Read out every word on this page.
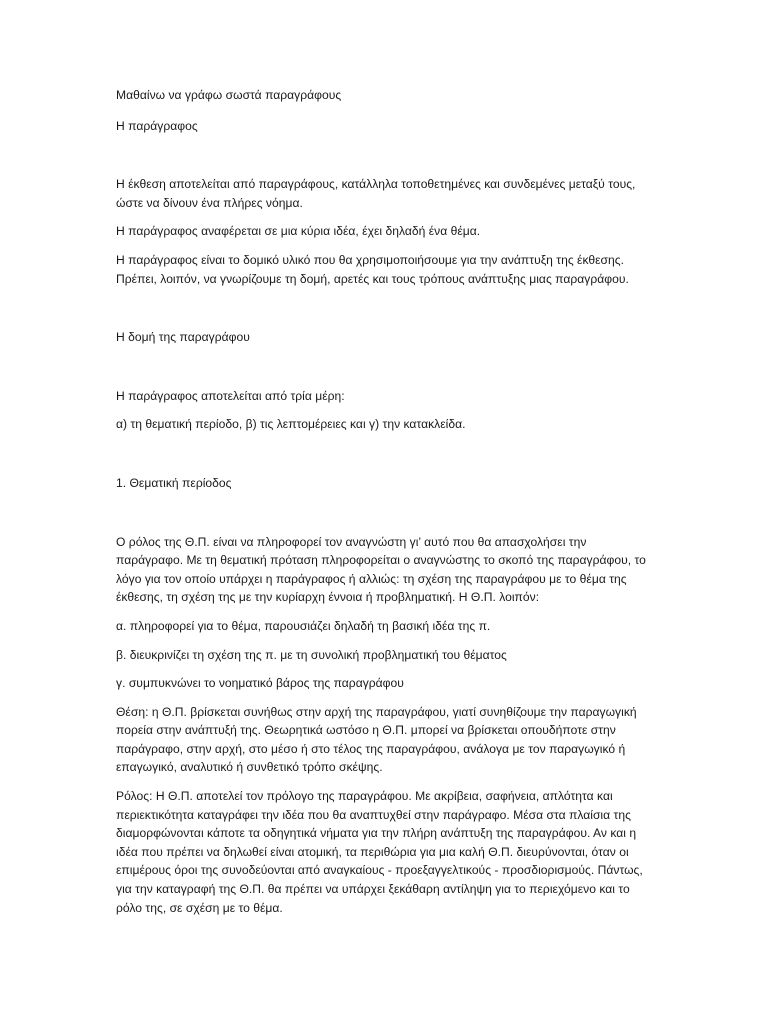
Μαθαίνω να γράφω σωστά παραγράφους

Η παράγραφος

Η έκθεση αποτελείται από παραγράφους, κατάλληλα τοποθετημένες και συνδεμένες μεταξύ τους, ώστε να δίνουν ένα πλήρες νόημα.

Η παράγραφος αναφέρεται σε μια κύρια ιδέα, έχει δηλαδή ένα θέμα.

Η παράγραφος είναι το δομικό υλικό που θα χρησιμοποιήσουμε για την ανάπτυξη της έκθεσης. Πρέπει, λοιπόν, να γνωρίζουμε τη δομή, αρετές και τους τρόπους ανάπτυξης μιας παραγράφου.

Η δομή της παραγράφου

Η παράγραφος αποτελείται από τρία μέρη:

α) τη θεματική περίοδο, β) τις λεπτομέρειες και γ) την κατακλείδα.

1. Θεματική περίοδος

Ο ρόλος της Θ.Π. είναι να πληροφορεί τον αναγνώστη γι’ αυτό που θα απασχολήσει την παράγραφο. Με τη θεματική πρόταση πληροφορείται ο αναγνώστης το σκοπό της παραγράφου, το λόγο για τον οποίο υπάρχει η παράγραφος ή αλλιώς: τη σχέση της παραγράφου με το θέμα της έκθεσης, τη σχέση της με την κυρίαρχη έννοια ή προβληματική. Η Θ.Π. λοιπόν:

α. πληροφορεί για το θέμα, παρουσιάζει δηλαδή τη βασική ιδέα της π.

β. διευκρινίζει τη σχέση της π. με τη συνολική προβληματική του θέματος

γ. συμπυκνώνει το νοηματικό βάρος της παραγράφου

Θέση: η Θ.Π. βρίσκεται συνήθως στην αρχή της παραγράφου, γιατί συνηθίζουμε την παραγωγική πορεία στην ανάπτυξή της. Θεωρητικά ωστόσο η Θ.Π. μπορεί να βρίσκεται οπουδήποτε στην παράγραφο, στην αρχή, στο μέσο ή στο τέλος της παραγράφου, ανάλογα με τον παραγωγικό ή επαγωγικό, αναλυτικό ή συνθετικό τρόπο σκέψης.

Ρόλος: Η Θ.Π. αποτελεί τον πρόλογο της παραγράφου. Με ακρίβεια, σαφήνεια, απλότητα και περιεκτικότητα καταγράφει την ιδέα που θα αναπτυχθεί στην παράγραφο. Μέσα στα πλαίσια της διαμορφώνονται κάποτε τα οδηγητικά νήματα για την πλήρη ανάπτυξη της παραγράφου. Αν και η ιδέα που πρέπει να δηλωθεί είναι ατομική, τα περιθώρια για μια καλή Θ.Π. διευρύνονται, όταν οι επιμέρους όροι της συνοδεύονται από αναγκαίους - προεξαγγελτικούς - προσδιορισμούς. Πάντως, για την καταγραφή της Θ.Π. θα πρέπει να υπάρχει ξεκάθαρη αντίληψη για το περιεχόμενο και το ρόλο της, σε σχέση με το θέμα.
